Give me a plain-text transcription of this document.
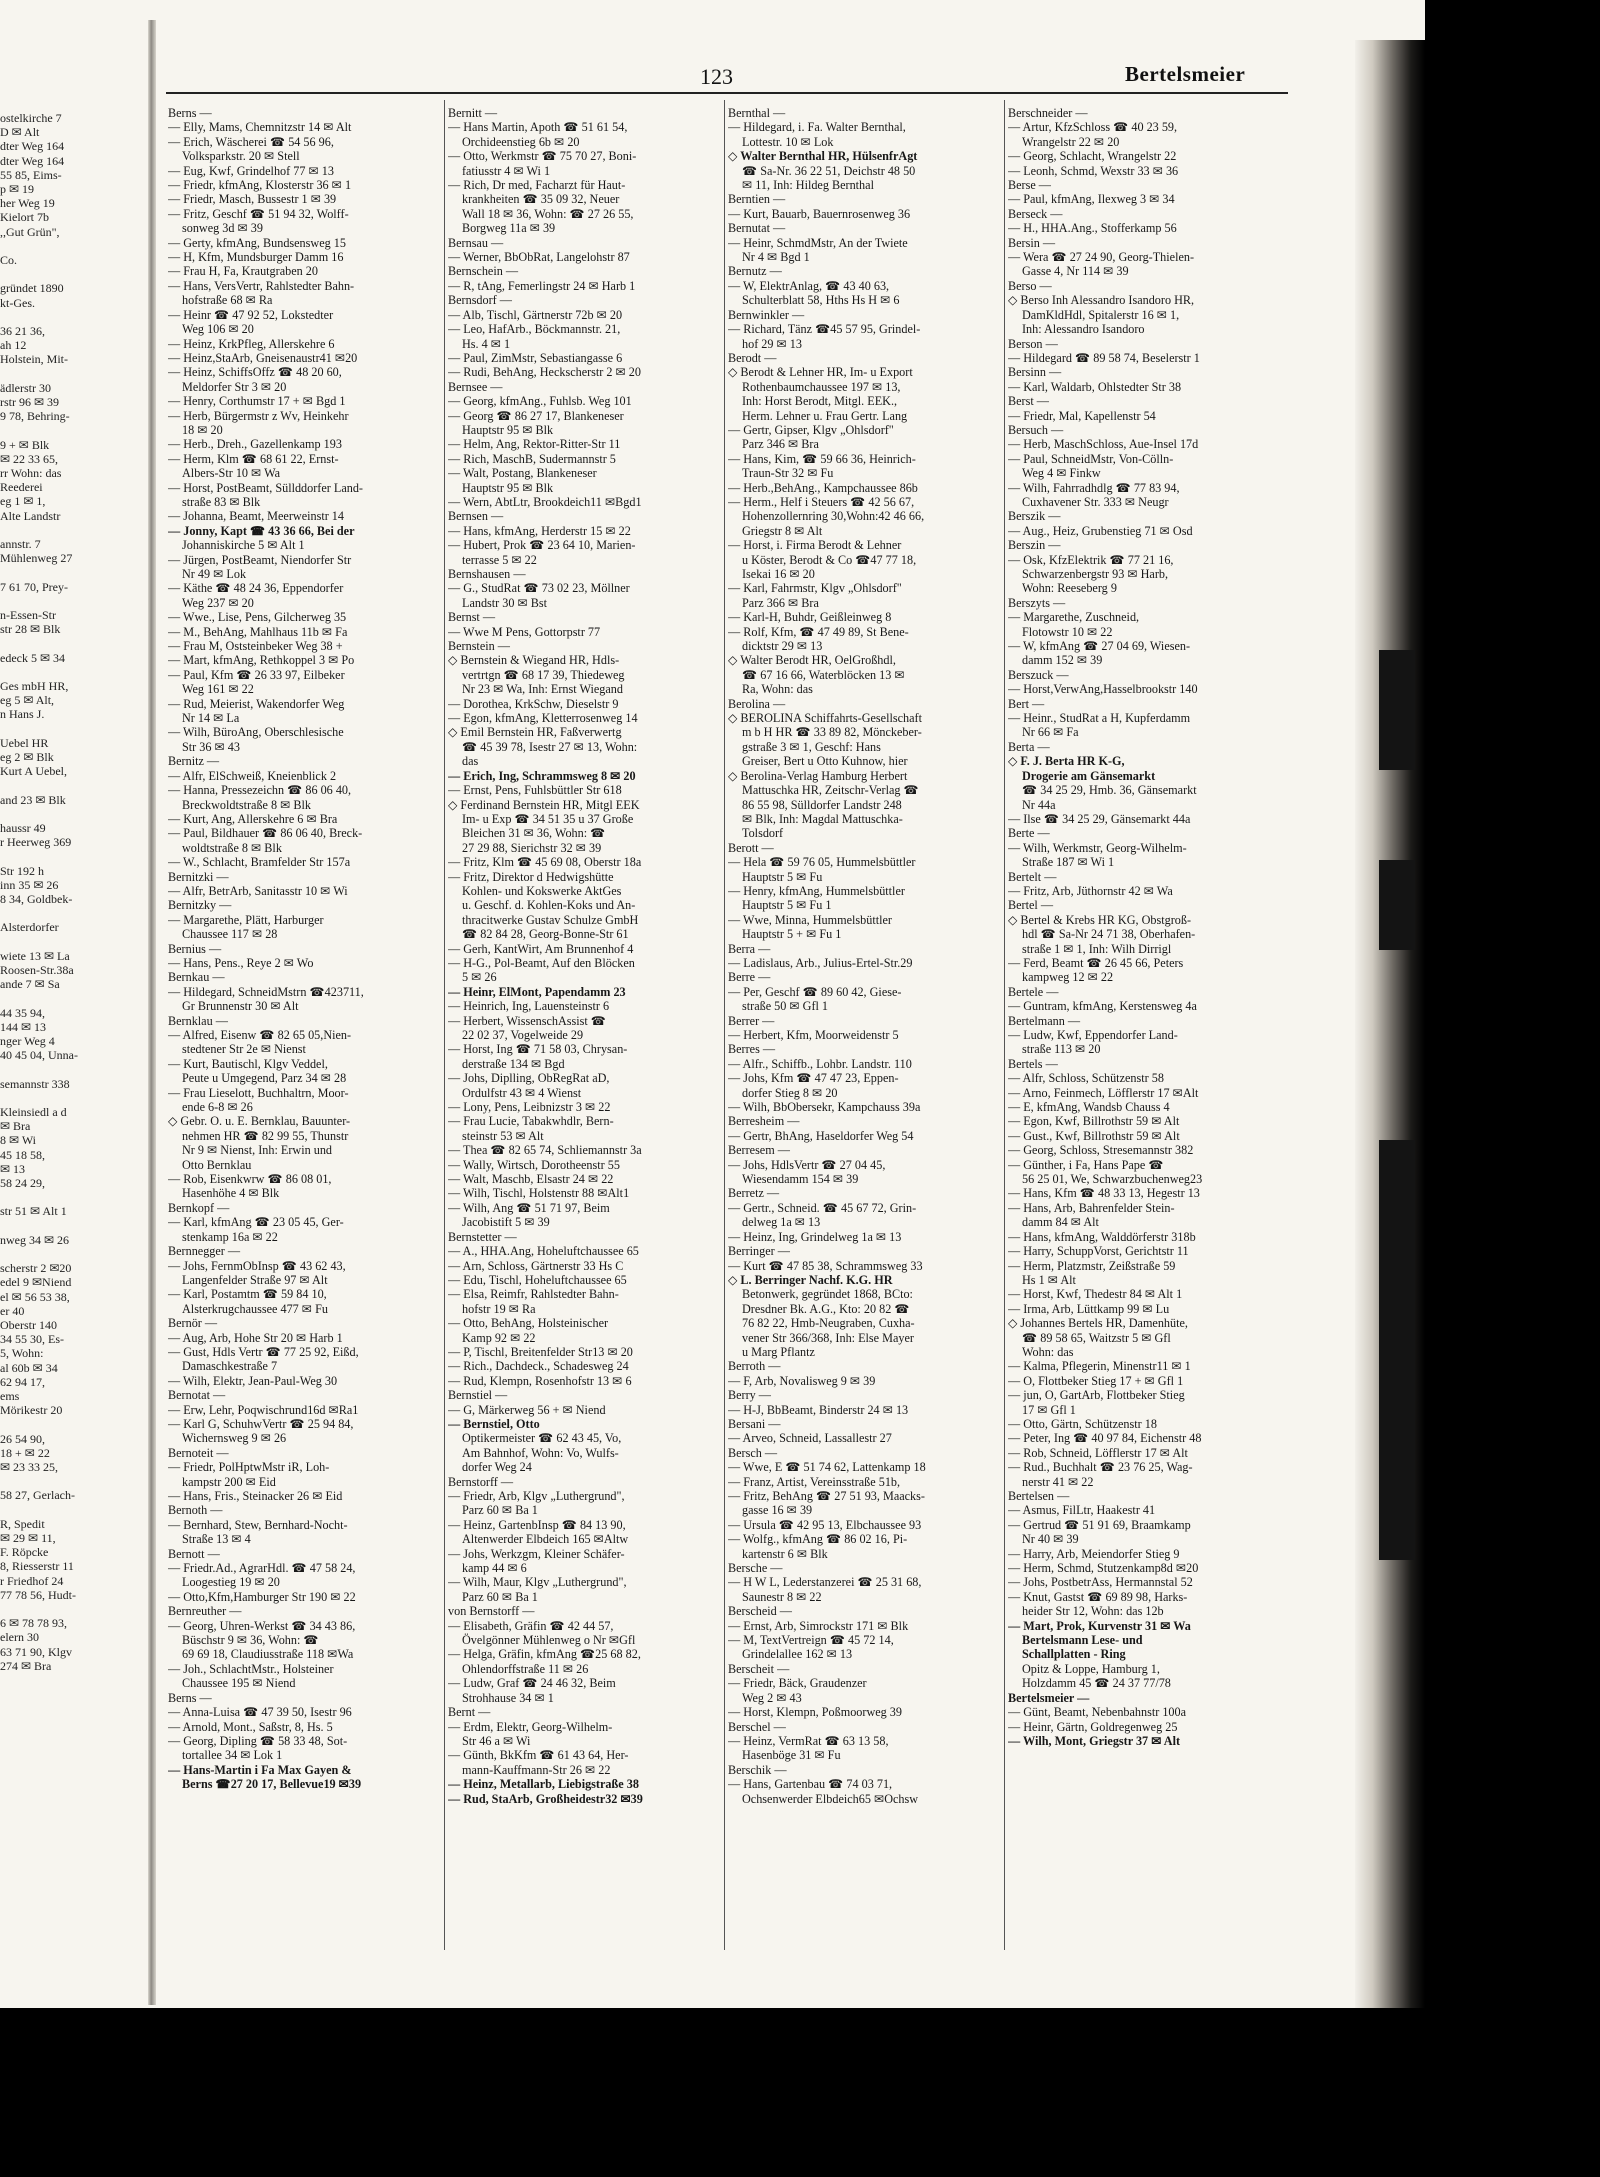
ostelkirche 7
D ✉ Alt
dter Weg 164
dter Weg 164
55 85, Eims-
p ✉ 19
her Weg 19
Kielort 7b
,,Gut Grün",
Co.
gründet 1890
kt-Ges.
36 21 36,
ah 12
Holstein, Mit-
ädlerstr 30
rstr 96 ✉ 39
9 78, Behring-
9 + ✉ Blk
✉ 22 33 65,
rr Wohn: das
Reederei
eg 1 ✉ 1,
Alte Landstr
annstr. 7
Mühlenweg 27
7 61 70, Prey-
n-Essen-Str
str 28 ✉ Blk
edeck 5 ✉ 34
Ges mbH HR,
eg 5 ✉ Alt,
n Hans J.
Uebel HR
eg 2 ✉ Blk
Kurt A Uebel,
and 23 ✉ Blk
haussr 49
r Heerweg 369
Str 192 h
inn 35 ✉ 26
8 34, Goldbek-
Alsterdorfer
wiete 13 ✉ La
Roosen-Str.38a
ande 7 ✉ Sa
44 35 94,
144 ✉ 13
nger Weg 4
40 45 04, Unna-
semannstr 338
Kleinsiedl a d
✉ Bra
8 ✉ Wi
45 18 58,
✉ 13
58 24 29,
str 51 ✉ Alt 1
nweg 34 ✉ 26
scherstr 2 ✉20
edel 9 ✉Niend
el ✉ 56 53 38,
er 40
Oberstr 140
34 55 30, Es-
5, Wohn:
al 60b ✉ 34
62 94 17,
ems
Mörikestr 20
26 54 90,
18 + ✉ 22
✉ 23 33 25,
58 27, Gerlach-
R, Spedit
✉ 29 ✉ 11,
F. Röpcke
8, Riesserstr 11
r Friedhof 24
77 78 56, Hudt-
6 ✉ 78 78 93,
elern 30
63 71 90, Klgv
274 ✉ Bra
123	Bertelsmeier
Berns —
— Elly, Mams, Chemnitzstr 14 ✉ Alt
— Erich, Wäscherei ☎ 54 56 96,
Volksparkstr. 20 ✉ Stell
— Eug, Kwf, Grindelhof 77 ✉ 13
— Friedr, kfmAng, Klosterstr 36 ✉ 1
— Friedr, Masch, Bussestr 1 ✉ 39
— Fritz, Geschf ☎ 51 94 32, Wolff-
sonweg 3d ✉ 39
— Gerty, kfmAng, Bundsensweg 15
— H, Kfm, Mundsburger Damm 16
— Frau H, Fa, Krautgraben 20
— Hans, VersVertr, Rahlstedter Bahn-
hofstraße 68 ✉ Ra
— Heinr ☎ 47 92 52, Lokstedter
Weg 106 ✉ 20
— Heinz, KrkPfleg, Allerskehre 6
— Heinz,StaArb, Gneisenaustr41 ✉20
— Heinz, SchiffsOffz ☎ 48 20 60,
Meldorfer Str 3 ✉ 20
— Henry, Corthumstr 17 + ✉ Bgd 1
— Herb, Bürgermstr z Wv, Heinkehr
18 ✉ 20
— Herb., Dreh., Gazellenkamp 193
— Herm, Klm ☎ 68 61 22, Ernst-
Albers-Str 10 ✉ Wa
— Horst, PostBeamt, Süllddorfer Land-
straße 83 ✉ Blk
— Johanna, Beamt, Meerweinstr 14
— Jonny, Kapt ☎ 43 36 66, Bei der
Johanniskirche 5 ✉ Alt 1
— Jürgen, PostBeamt, Niendorfer Str
Nr 49 ✉ Lok
— Käthe ☎ 48 24 36, Eppendorfer
Weg 237 ✉ 20
— Wwe., Lise, Pens, Gilcherweg 35
— M., BehAng, Mahlhaus 11b ✉ Fa
— Frau M, Oststeinbeker Weg 38 +
— Mart, kfmAng, Rethkoppel 3 ✉ Po
— Paul, Kfm ☎ 26 33 97, Eilbeker
Weg 161 ✉ 22
— Rud, Meierist, Wakendorfer Weg
Nr 14 ✉ La
— Wilh, BüroAng, Oberschlesische
Str 36 ✉ 43
Bernitz —
— Alfr, ElSchweiß, Kneienblick 2
— Hanna, Pressezeichn ☎ 86 06 40,
Breckwoldtstraße 8 ✉ Blk
— Kurt, Ang, Allerskehre 6 ✉ Bra
— Paul, Bildhauer ☎ 86 06 40, Breck-
woldtstraße 8 ✉ Blk
— W., Schlacht, Bramfelder Str 157a
Bernitzki —
— Alfr, BetrArb, Sanitasstr 10 ✉ Wi
Bernitzky —
— Margarethe, Plätt, Harburger
Chaussee 117 ✉ 28
Bernius —
— Hans, Pens., Reye 2 ✉ Wo
Bernkau —
— Hildegard, SchneidMstrn ☎423711,
Gr Brunnenstr 30 ✉ Alt
Bernklau —
— Alfred, Eisenw ☎ 82 65 05,Nien-
stedtener Str 2e ✉ Nienst
— Kurt, Bautischl, Klgv Veddel,
Peute u Umgegend, Parz 34 ✉ 28
— Frau Lieselott, Buchhaltrn, Moor-
ende 6-8 ✉ 26
◇ Gebr. O. u. E. Bernklau, Bauunter-
nehmen HR ☎ 82 99 55, Thunstr
Nr 9 ✉ Nienst, Inh: Erwin und
Otto Bernklau
— Rob, Eisenkwrw ☎ 86 08 01,
Hasenhöhe 4 ✉ Blk
Bernkopf —
— Karl, kfmAng ☎ 23 05 45, Ger-
stenkamp 16a ✉ 22
Bernnegger —
— Johs, FernmObInsp ☎ 43 62 43,
Langenfelder Straße 97 ✉ Alt
— Karl, Postamtm ☎ 59 84 10,
Alsterkrugchaussee 477 ✉ Fu
Bernör —
— Aug, Arb, Hohe Str 20 ✉ Harb 1
— Gust, Hdls Vertr ☎ 77 25 92, Eißd,
Damaschkestraße 7
— Wilh, Elektr, Jean-Paul-Weg 30
Bernotat —
— Erw, Lehr, Poqwischrund16d ✉Ra1
— Karl G, SchuhwVertr ☎ 25 94 84,
Wichernsweg 9 ✉ 26
Bernoteit —
— Friedr, PolHptwMstr iR, Loh-
kampstr 200 ✉ Eid
— Hans, Fris., Steinacker 26 ✉ Eid
Bernoth —
— Bernhard, Stew, Bernhard-Nocht-
Straße 13 ✉ 4
Bernott —
— Friedr.Ad., AgrarHdl. ☎ 47 58 24,
Loogestieg 19 ✉ 20
— Otto,Kfm,Hamburger Str 190 ✉ 22
Bernreuther —
— Georg, Uhren-Werkst ☎ 34 43 86,
Büschstr 9 ✉ 36, Wohn: ☎
69 69 18, Claudiusstraße 118 ✉Wa
— Joh., SchlachtMstr., Holsteiner
Chaussee 195 ✉ Niend
Berns —
— Anna-Luisa ☎ 47 39 50, Isestr 96
— Arnold, Mont., Saßstr, 8, Hs. 5
— Georg, Dipling ☎ 58 33 48, Sot-
tortallee 34 ✉ Lok 1
— Hans-Martin i Fa Max Gayen &
Berns ☎27 20 17, Bellevue19 ✉39
Bernitt —
— Hans Martin, Apoth ☎ 51 61 54,
Orchideenstieg 6b ✉ 20
— Otto, Werkmstr ☎ 75 70 27, Boni-
fatiusstr 4 ✉ Wi 1
— Rich, Dr med, Facharzt für Haut-
krankheiten ☎ 35 09 32, Neuer
Wall 18 ✉ 36, Wohn: ☎ 27 26 55,
Borgweg 11a ✉ 39
Bernsau —
— Werner, BbObRat, Langelohstr 87
Bernschein —
— R, tAng, Femerlingstr 24 ✉ Harb 1
Bernsdorf —
— Alb, Tischl, Gärtnerstr 72b ✉ 20
— Leo, HafArb., Böckmannstr. 21,
Hs. 4 ✉ 1
— Paul, ZimMstr, Sebastiangasse 6
— Rudi, BehAng, Heckscherstr 2 ✉ 20
Bernsee —
— Georg, kfmAng., Fuhlsb. Weg 101
— Georg ☎ 86 27 17, Blankeneser
Hauptstr 95 ✉ Blk
— Helm, Ang, Rektor-Ritter-Str 11
— Rich, MaschB, Sudermannstr 5
— Walt, Postang, Blankeneser
Hauptstr 95 ✉ Blk
— Wern, AbtLtr, Brookdeich11 ✉Bgd1
Bernsen —
— Hans, kfmAng, Herderstr 15 ✉ 22
— Hubert, Prok ☎ 23 64 10, Marien-
terrasse 5 ✉ 22
Bernshausen —
— G., StudRat ☎ 73 02 23, Möllner
Landstr 30 ✉ Bst
Bernst —
— Wwe M Pens, Gottorpstr 77
Bernstein —
◇ Bernstein & Wiegand HR, Hdls-
vertrtgn ☎ 68 17 39, Thiedeweg
Nr 23 ✉ Wa, Inh: Ernst Wiegand
— Dorothea, KrkSchw, Dieselstr 9
— Egon, kfmAng, Kletterrosenweg 14
◇ Emil Bernstein HR, Faßverwertg
☎ 45 39 78, Isestr 27 ✉ 13, Wohn:
das
— Erich, Ing, Schrammsweg 8 ✉ 20
— Ernst, Pens, Fuhlsbüttler Str 618
◇ Ferdinand Bernstein HR, Mitgl EEK
Im- u Exp ☎ 34 51 35 u 37 Große
Bleichen 31 ✉ 36, Wohn: ☎
27 29 88, Sierichstr 32 ✉ 39
— Fritz, Klm ☎ 45 69 08, Oberstr 18a
— Fritz, Direktor d Hedwigshütte
Kohlen- und Kokswerke AktGes
u. Geschf. d. Kohlen-Koks und An-
thracitwerke Gustav Schulze GmbH
☎ 82 84 28, Georg-Bonne-Str 61
— Gerh, KantWirt, Am Brunnenhof 4
— H-G., Pol-Beamt, Auf den Blöcken
5 ✉ 26
— Heinr, ElMont, Papendamm 23
— Heinrich, Ing, Lauensteinstr 6
— Herbert, WissenschAssist ☎
22 02 37, Vogelweide 29
— Horst, Ing ☎ 71 58 03, Chrysan-
derstraße 134 ✉ Bgd
— Johs, Diplling, ObRegRat aD,
Ordulfstr 43 ✉ 4 Wienst
— Lony, Pens, Leibnizstr 3 ✉ 22
— Frau Lucie, Tabakwhdlr, Bern-
steinstr 53 ✉ Alt
— Thea ☎ 82 65 74, Schliemannstr 3a
— Wally, Wirtsch, Dorotheenstr 55
— Walt, Maschb, Elsastr 24 ✉ 22
— Wilh, Tischl, Holstenstr 88 ✉Alt1
— Wilh, Ang ☎ 51 71 97, Beim
Jacobistift 5 ✉ 39
Bernstetter —
— A., HHA.Ang, Hoheluftchaussee 65
— Arn, Schloss, Gärtnerstr 33 Hs C
— Edu, Tischl, Hoheluftchaussee 65
— Elsa, Reimfr, Rahlstedter Bahn-
hofstr 19 ✉ Ra
— Otto, BehAng, Holsteinischer
Kamp 92 ✉ 22
— P, Tischl, Breitenfelder Str13 ✉ 20
— Rich., Dachdeck., Schadesweg 24
— Rud, Klempn, Rosenhofstr 13 ✉ 6
Bernstiel —
— G, Märkerweg 56 + ✉ Niend
— Bernstiel, Otto
Optikermeister ☎ 62 43 45, Vo,
Am Bahnhof, Wohn: Vo, Wulfs-
dorfer Weg 24
Bernstorff —
— Friedr, Arb, Klgv „Luthergrund",
Parz 60 ✉ Ba 1
— Heinz, GartenbInsp ☎ 84 13 90,
Altenwerder Elbdeich 165 ✉Altw
— Johs, Werkzgm, Kleiner Schäfer-
kamp 44 ✉ 6
— Wilh, Maur, Klgv „Luthergrund",
Parz 60 ✉ Ba 1
von Bernstorff —
— Elisabeth, Gräfin ☎ 42 44 57,
Övelgönner Mühlenweg o Nr ✉Gfl
— Helga, Gräfin, kfmAng ☎25 68 82,
Ohlendorffstraße 11 ✉ 26
— Ludw, Graf ☎ 24 46 32, Beim
Strohhause 34 ✉ 1
Bernt —
— Erdm, Elektr, Georg-Wilhelm-
Str 46 a ✉ Wi
— Günth, BkKfm ☎ 61 43 64, Her-
mann-Kauffmann-Str 26 ✉ 22
— Heinz, Metallarb, Liebigstraße 38
— Rud, StaArb, Großheidestr32 ✉39
Bernthal —
— Hildegard, i. Fa. Walter Bernthal,
Lottestr. 10 ✉ Lok
◇ Walter Bernthal HR, HülsenfrAgt
☎ Sa-Nr. 36 22 51, Deichstr 48 50
✉ 11, Inh: Hildeg Bernthal
Berntien —
— Kurt, Bauarb, Bauernrosenweg 36
Bernutat —
— Heinr, SchmdMstr, An der Twiete
Nr 4 ✉ Bgd 1
Bernutz —
— W, ElektrAnlag, ☎ 43 40 63,
Schulterblatt 58, Hths Hs H ✉ 6
Bernwinkler —
— Richard, Tänz ☎45 57 95, Grindel-
hof 29 ✉ 13
Berodt —
◇ Berodt & Lehner HR, Im- u Export
Rothenbaumchaussee 197 ✉ 13,
Inh: Horst Berodt, Mitgl. EEK.,
Herm. Lehner u. Frau Gertr. Lang
— Gertr, Gipser, Klgv „Ohlsdorf"
Parz 346 ✉ Bra
— Hans, Kim, ☎ 59 66 36, Heinrich-
Traun-Str 32 ✉ Fu
— Herb.,BehAng., Kampchaussee 86b
— Herm., Helf i Steuers ☎ 42 56 67,
Hohenzollernring 30,Wohn:42 46 66,
Griegstr 8 ✉ Alt
— Horst, i. Firma Berodt & Lehner
u Köster, Berodt & Co ☎47 77 18,
Isekai 16 ✉ 20
— Karl, Fahrmstr, Klgv „Ohlsdorf"
Parz 366 ✉ Bra
— Karl-H, Buhdr, Geißleinweg 8
— Rolf, Kfm, ☎ 47 49 89, St Bene-
dicktstr 29 ✉ 13
◇ Walter Berodt HR, OelGroßhdl,
☎ 67 16 66, Waterblöcken 13 ✉
Ra, Wohn: das
Berolina —
◇ BEROLINA Schiffahrts-Gesellschaft
m b H HR ☎ 33 89 82, Mönckeber-
gstraße 3 ✉ 1, Geschf: Hans
Greiser, Bert u Otto Kuhnow, hier
◇ Berolina-Verlag Hamburg Herbert
Mattuschka HR, Zeitschr-Verlag ☎
86 55 98, Sülldorfer Landstr 248
✉ Blk, Inh: Magdal Mattuschka-
Tolsdorf
Berott —
— Hela ☎ 59 76 05, Hummelsbüttler
Hauptstr 5 ✉ Fu
— Henry, kfmAng, Hummelsbüttler
Hauptstr 5 ✉ Fu 1
— Wwe, Minna, Hummelsbüttler
Hauptstr 5 + ✉ Fu 1
Berra —
— Ladislaus, Arb., Julius-Ertel-Str.29
Berre —
— Per, Geschf ☎ 89 60 42, Giese-
straße 50 ✉ Gfl 1
Berrer —
— Herbert, Kfm, Moorweidenstr 5
Berres —
— Alfr., Schiffb., Lohbr. Landstr. 110
— Johs, Kfm ☎ 47 47 23, Eppen-
dorfer Stieg 8 ✉ 20
— Wilh, BbObersekr, Kampchauss 39a
Berresheim —
— Gertr, BhAng, Haseldorfer Weg 54
Berresem —
— Johs, HdlsVertr ☎ 27 04 45,
Wiesendamm 154 ✉ 39
Berretz —
— Gertr., Schneid. ☎ 45 67 72, Grin-
delweg 1a ✉ 13
— Heinz, Ing, Grindelweg 1a ✉ 13
Berringer —
— Kurt ☎ 47 85 38, Schrammsweg 33
◇ L. Berringer Nachf. K.G. HR
Betonwerk, gegründet 1868, BCto:
Dresdner Bk. A.G., Kto: 20 82 ☎
76 82 22, Hmb-Neugraben, Cuxha-
vener Str 366/368, Inh: Else Mayer
u Marg Pflantz
Berroth —
— F, Arb, Novalisweg 9 ✉ 39
Berry —
— H-J, BbBeamt, Binderstr 24 ✉ 13
Bersani —
— Arveo, Schneid, Lassallestr 27
Bersch —
— Wwe, E ☎ 51 74 62, Lattenkamp 18
— Franz, Artist, Vereinsstraße 51b,
— Fritz, BehAng ☎ 27 51 93, Maacks-
gasse 16 ✉ 39
— Ursula ☎ 42 95 13, Elbchaussee 93
— Wolfg., kfmAng ☎ 86 02 16, Pi-
kartenstr 6 ✉ Blk
Bersche —
— H W L, Lederstanzerei ☎ 25 31 68,
Saunestr 8 ✉ 22
Berscheid —
— Ernst, Arb, Simrockstr 171 ✉ Blk
— M, TextVertreign ☎ 45 72 14,
Grindelallee 162 ✉ 13
Berscheit —
— Friedr, Bäck, Graudenzer
Weg 2 ✉ 43
— Horst, Klempn, Poßmoorweg 39
Berschel —
— Heinz, VermRat ☎ 63 13 58,
Hasenböge 31 ✉ Fu
Berschik —
— Hans, Gartenbau ☎ 74 03 71,
Ochsenwerder Elbdeich65 ✉Ochsw
Berschneider —
— Artur, KfzSchloss ☎ 40 23 59,
Wrangelstr 22 ✉ 20
— Georg, Schlacht, Wrangelstr 22
— Leonh, Schmd, Wexstr 33 ✉ 36
Berse —
— Paul, kfmAng, Ilexweg 3 ✉ 34
Berseck —
— H., HHA.Ang., Stofferkamp 56
Bersin —
— Wera ☎ 27 24 90, Georg-Thielen-
Gasse 4, Nr 114 ✉ 39
Berso —
◇ Berso Inh Alessandro Isandoro HR,
DamKldHdl, Spitalerstr 16 ✉ 1,
Inh: Alessandro Isandoro
Berson —
— Hildegard ☎ 89 58 74, Beselerstr 1
Bersinn —
— Karl, Waldarb, Ohlstedter Str 38
Berst —
— Friedr, Mal, Kapellenstr 54
Bersuch —
— Herb, MaschSchloss, Aue-Insel 17d
— Paul, SchneidMstr, Von-Cölln-
Weg 4 ✉ Finkw
— Wilh, Fahrradhdlg ☎ 77 83 94,
Cuxhavener Str. 333 ✉ Neugr
Berszik —
— Aug., Heiz, Grubenstieg 71 ✉ Osd
Berszin —
— Osk, KfzElektrik ☎ 77 21 16,
Schwarzenbergstr 93 ✉ Harb,
Wohn: Reeseberg 9
Berszyts —
— Margarethe, Zuschneid,
Flotowstr 10 ✉ 22
— W, kfmAng ☎ 27 04 69, Wiesen-
damm 152 ✉ 39
Berszuck —
— Horst,VerwAng,Hasselbrookstr 140
Bert —
— Heinr., StudRat a H, Kupferdamm
Nr 66 ✉ Fa
Berta —
◇ F. J. Berta HR K-G,
Drogerie am Gänsemarkt
☎ 34 25 29, Hmb. 36, Gänsemarkt
Nr 44a
— Ilse ☎ 34 25 29, Gänsemarkt 44a
Berte —
— Wilh, Werkmstr, Georg-Wilhelm-
Straße 187 ✉ Wi 1
Bertelt —
— Fritz, Arb, Jüthornstr 42 ✉ Wa
Bertel —
◇ Bertel & Krebs HR KG, Obstgroß-
hdl ☎ Sa-Nr 24 71 38, Oberhafen-
straße 1 ✉ 1, Inh: Wilh Dirrigl
— Ferd, Beamt ☎ 26 45 66, Peters
kampweg 12 ✉ 22
Bertele —
— Guntram, kfmAng, Kerstensweg 4a
Bertelmann —
— Ludw, Kwf, Eppendorfer Land-
straße 113 ✉ 20
Bertels —
— Alfr, Schloss, Schützenstr 58
— Arno, Feinmech, Löfflerstr 17 ✉Alt
— E, kfmAng, Wandsb Chauss 4
— Egon, Kwf, Billrothstr 59 ✉ Alt
— Gust., Kwf, Billrothstr 59 ✉ Alt
— Georg, Schloss, Stresemannstr 382
— Günther, i Fa, Hans Pape ☎
56 25 01, We, Schwarzbuchenweg23
— Hans, Kfm ☎ 48 33 13, Hegestr 13
— Hans, Arb, Bahrenfelder Stein-
damm 84 ✉ Alt
— Hans, kfmAng, Walddörferstr 318b
— Harry, SchuppVorst, Gerichtstr 11
— Herm, Platzmstr, Zeißstraße 59
Hs 1 ✉ Alt
— Horst, Kwf, Thedestr 84 ✉ Alt 1
— Irma, Arb, Lüttkamp 99 ✉ Lu
◇ Johannes Bertels HR, Damenhüte,
☎ 89 58 65, Waitzstr 5 ✉ Gfl
Wohn: das
— Kalma, Pflegerin, Minenstr11 ✉ 1
— O, Flottbeker Stieg 17 + ✉ Gfl 1
— jun, O, GartArb, Flottbeker Stieg
17 ✉ Gfl 1
— Otto, Gärtn, Schützenstr 18
— Peter, Ing ☎ 40 97 84, Eichenstr 48
— Rob, Schneid, Löfflerstr 17 ✉ Alt
— Rud., Buchhalt ☎ 23 76 25, Wag-
nerstr 41 ✉ 22
Bertelsen —
— Asmus, FilLtr, Haakestr 41
— Gertrud ☎ 51 91 69, Braamkamp
Nr 40 ✉ 39
— Harry, Arb, Meiendorfer Stieg 9
— Herm, Schmd, Stutzenkamp8d ✉20
— Johs, PostbetrAss, Hermannstal 52
— Knut, Gastst ☎ 69 89 98, Harks-
heider Str 12, Wohn: das 12b
— Mart, Prok, Kurvenstr 31 ✉ Wa
Bertelsmann Lese- und
Schallplatten - Ring
Opitz & Loppe, Hamburg 1,
Holzdamm 45 ☎ 24 37 77/78
Bertelsmeier —
— Günt, Beamt, Nebenbahnstr 100a
— Heinr, Gärtn, Goldregenweg 25
— Wilh, Mont, Griegstr 37 ✉ Alt
